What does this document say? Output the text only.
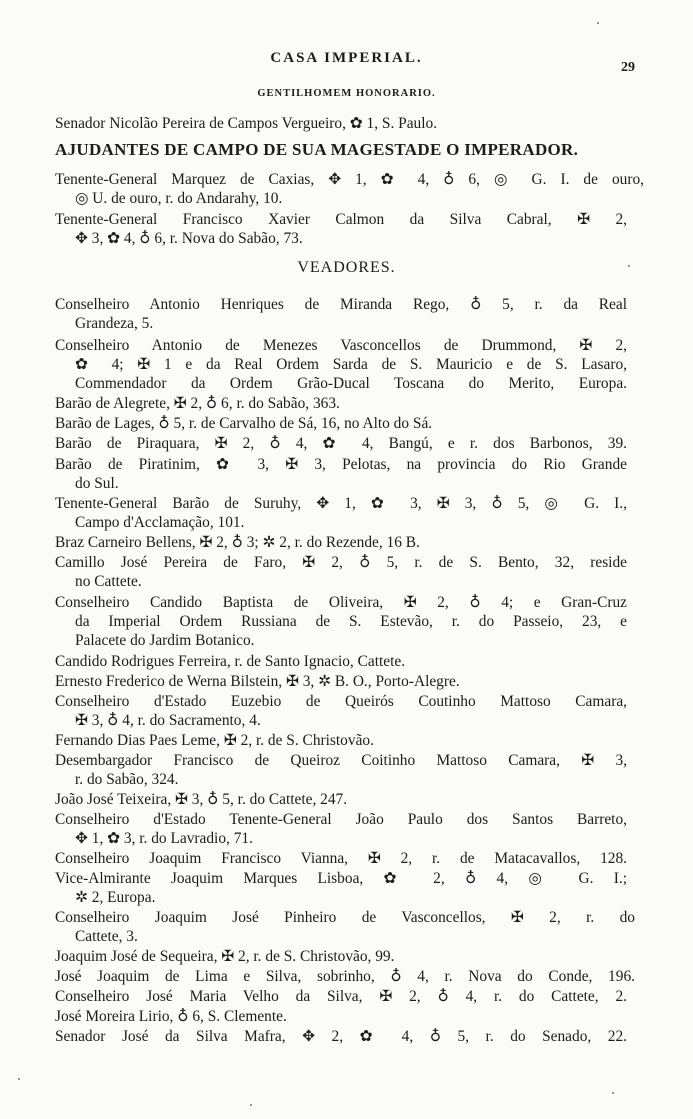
CASA IMPERIAL.
29
GENTILHOMEM HONORARIO.
Senador Nicolão Pereira de Campos Vergueiro, ✿ 1, S. Paulo.
AJUDANTES DE CAMPO DE SUA MAGESTADE O IMPERADOR.
Tenente-General Marquez de Caxias, ✥ 1, ✿ 4, ♁ 6, ◎ G. I. de ouro,
◎ U. de ouro, r. do Andarahy, 10.
Tenente-General Francisco Xavier Calmon da Silva Cabral, ✠ 2,
✥ 3, ✿ 4, ♁ 6, r. Nova do Sabão, 73.
VEADORES.
Conselheiro Antonio Henriques de Miranda Rego, ♁ 5, r. da Real
Grandeza, 5.
Conselheiro Antonio de Menezes Vasconcellos de Drummond, ✠ 2,
✿ 4; ✠ 1 e da Real Ordem Sarda de S. Mauricio e de S. Lasaro,
Commendador da Ordem Grão-Ducal Toscana do Merito, Europa.
Barão de Alegrete, ✠ 2, ♁ 6, r. do Sabão, 363.
Barão de Lages, ♁ 5, r. de Carvalho de Sá, 16, no Alto do Sá.
Barão de Piraquara, ✠ 2, ♁ 4, ✿ 4, Bangú, e r. dos Barbonos, 39.
Barão de Piratinim, ✿ 3, ✠ 3, Pelotas, na provincia do Rio Grande
do Sul.
Tenente-General Barão de Suruhy, ✥ 1, ✿ 3, ✠ 3, ♁ 5, ◎ G. I.,
Campo d'Acclamação, 101.
Braz Carneiro Bellens, ✠ 2, ♁ 3; ✲ 2, r. do Rezende, 16 B.
Camillo José Pereira de Faro, ✠ 2, ♁ 5, r. de S. Bento, 32, reside
no Cattete.
Conselheiro Candido Baptista de Oliveira, ✠ 2, ♁ 4; e Gran-Cruz
da Imperial Ordem Russiana de S. Estevão, r. do Passeio, 23, e
Palacete do Jardim Botanico.
Candido Rodrigues Ferreira, r. de Santo Ignacio, Cattete.
Ernesto Frederico de Werna Bilstein, ✠ 3, ✲ B. O., Porto-Alegre.
Conselheiro d'Estado Euzebio de Queirós Coutinho Mattoso Camara,
✠ 3, ♁ 4, r. do Sacramento, 4.
Fernando Dias Paes Leme, ✠ 2, r. de S. Christovão.
Desembargador Francisco de Queiroz Coitinho Mattoso Camara, ✠ 3,
r. do Sabão, 324.
João José Teixeira, ✠ 3, ♁ 5, r. do Cattete, 247.
Conselheiro d'Estado Tenente-General João Paulo dos Santos Barreto,
✥ 1, ✿ 3, r. do Lavradio, 71.
Conselheiro Joaquim Francisco Vianna, ✠ 2, r. de Matacavallos, 128.
Vice-Almirante Joaquim Marques Lisboa, ✿ 2, ♁ 4, ◎ G. I.;
✲ 2, Europa.
Conselheiro Joaquim José Pinheiro de Vasconcellos, ✠ 2, r. do
Cattete, 3.
Joaquim José de Sequeira, ✠ 2, r. de S. Christovão, 99.
José Joaquim de Lima e Silva, sobrinho, ♁ 4, r. Nova do Conde, 196.
Conselheiro José Maria Velho da Silva, ✠ 2, ♁ 4, r. do Cattete, 2.
José Moreira Lirio, ♁ 6, S. Clemente.
Senador José da Silva Mafra, ✥ 2, ✿ 4, ♁ 5, r. do Senado, 22.
